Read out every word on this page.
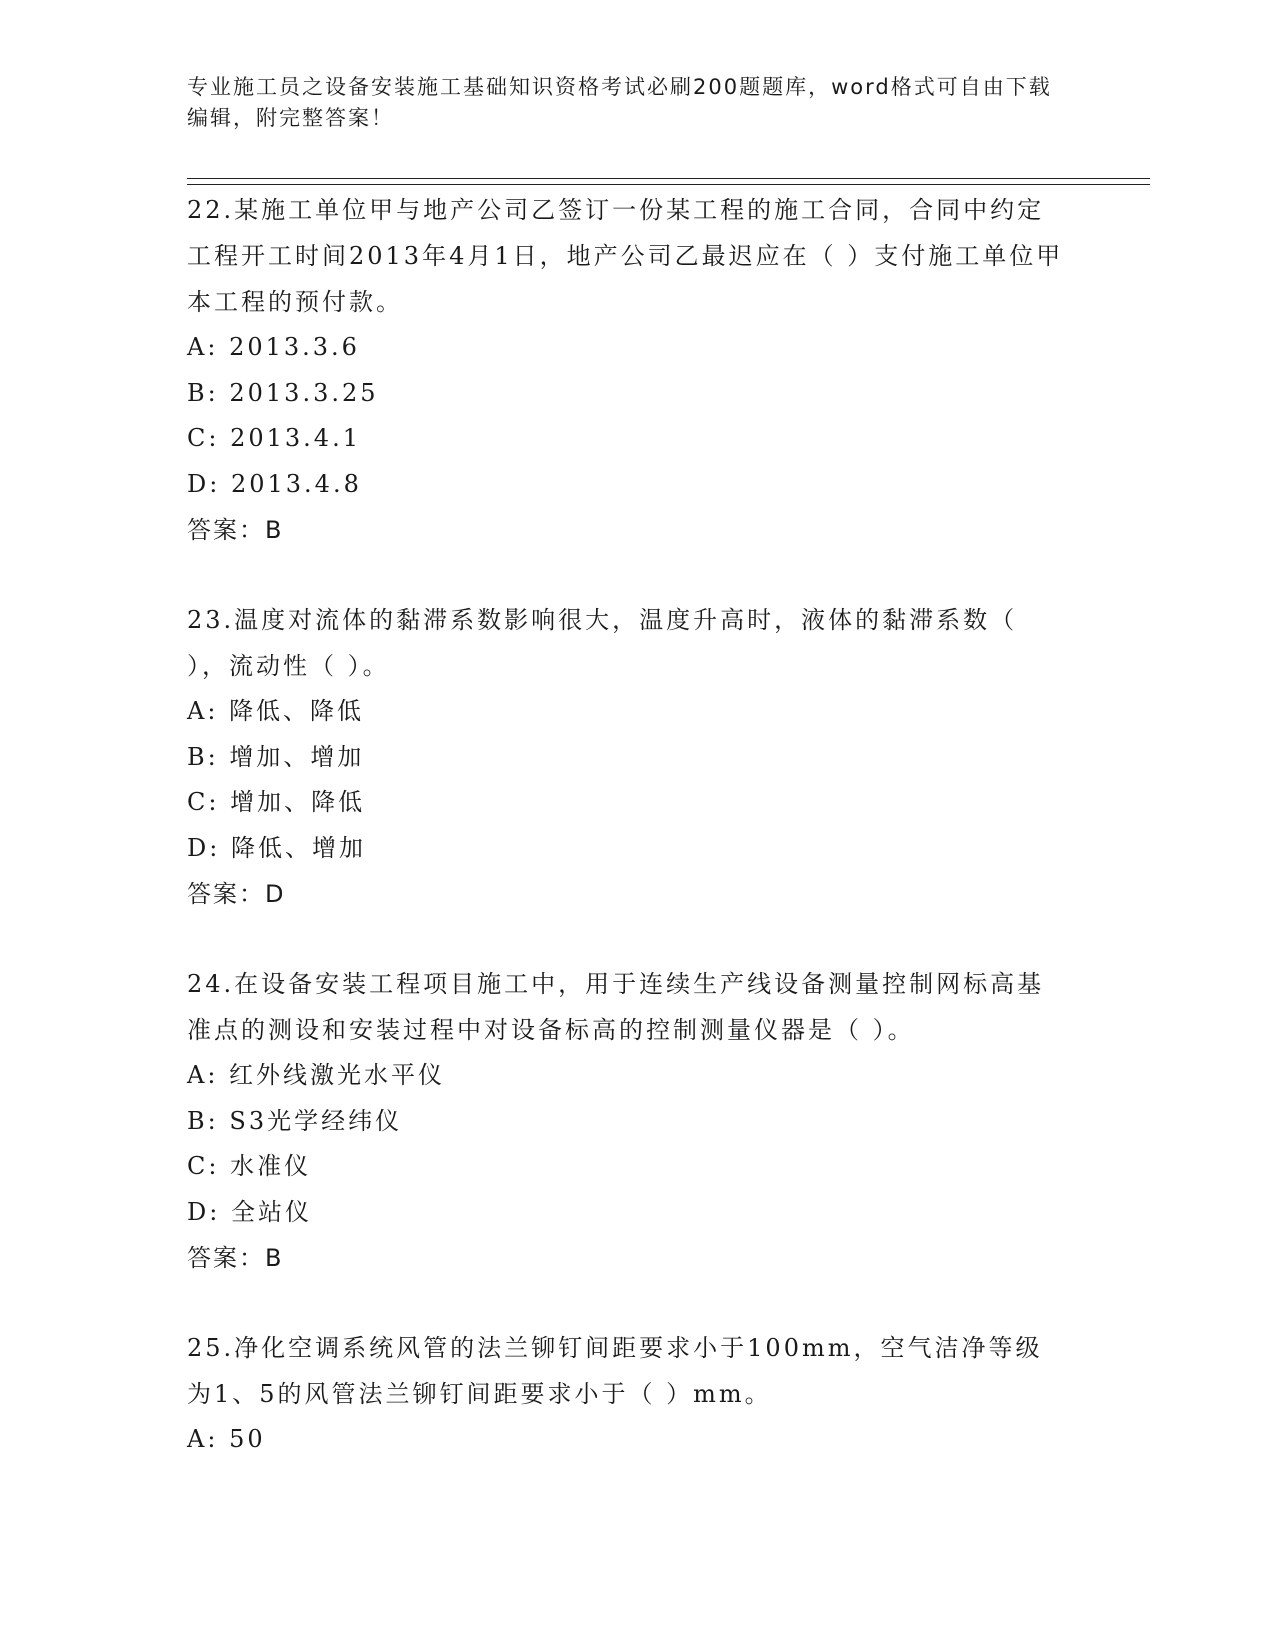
专业施工员之设备安装施工基础知识资格考试必刷200题题库，word格式可自由下载编辑，附完整答案！

22.某施工单位甲与地产公司乙签订一份某工程的施工合同，合同中约定工程开工时间2013年4月1日，地产公司乙最迟应在（ ）支付施工单位甲本工程的预付款。

A: 2013.3.6

B: 2013.3.25

C: 2013.4.1

D: 2013.4.8

答案：B

23.温度对流体的黏滞系数影响很大，温度升高时，液体的黏滞系数（ ），流动性（ ）。

A: 降低、降低

B: 增加、增加

C: 增加、降低

D: 降低、增加

答案：D

24.在设备安装工程项目施工中，用于连续生产线设备测量控制网标高基准点的测设和安装过程中对设备标高的控制测量仪器是（ ）。

A: 红外线激光水平仪

B: S3光学经纬仪

C: 水准仪

D: 全站仪

答案：B

25.净化空调系统风管的法兰铆钉间距要求小于100mm，空气洁净等级为1、5的风管法兰铆钉间距要求小于（ ）mm。

A: 50
